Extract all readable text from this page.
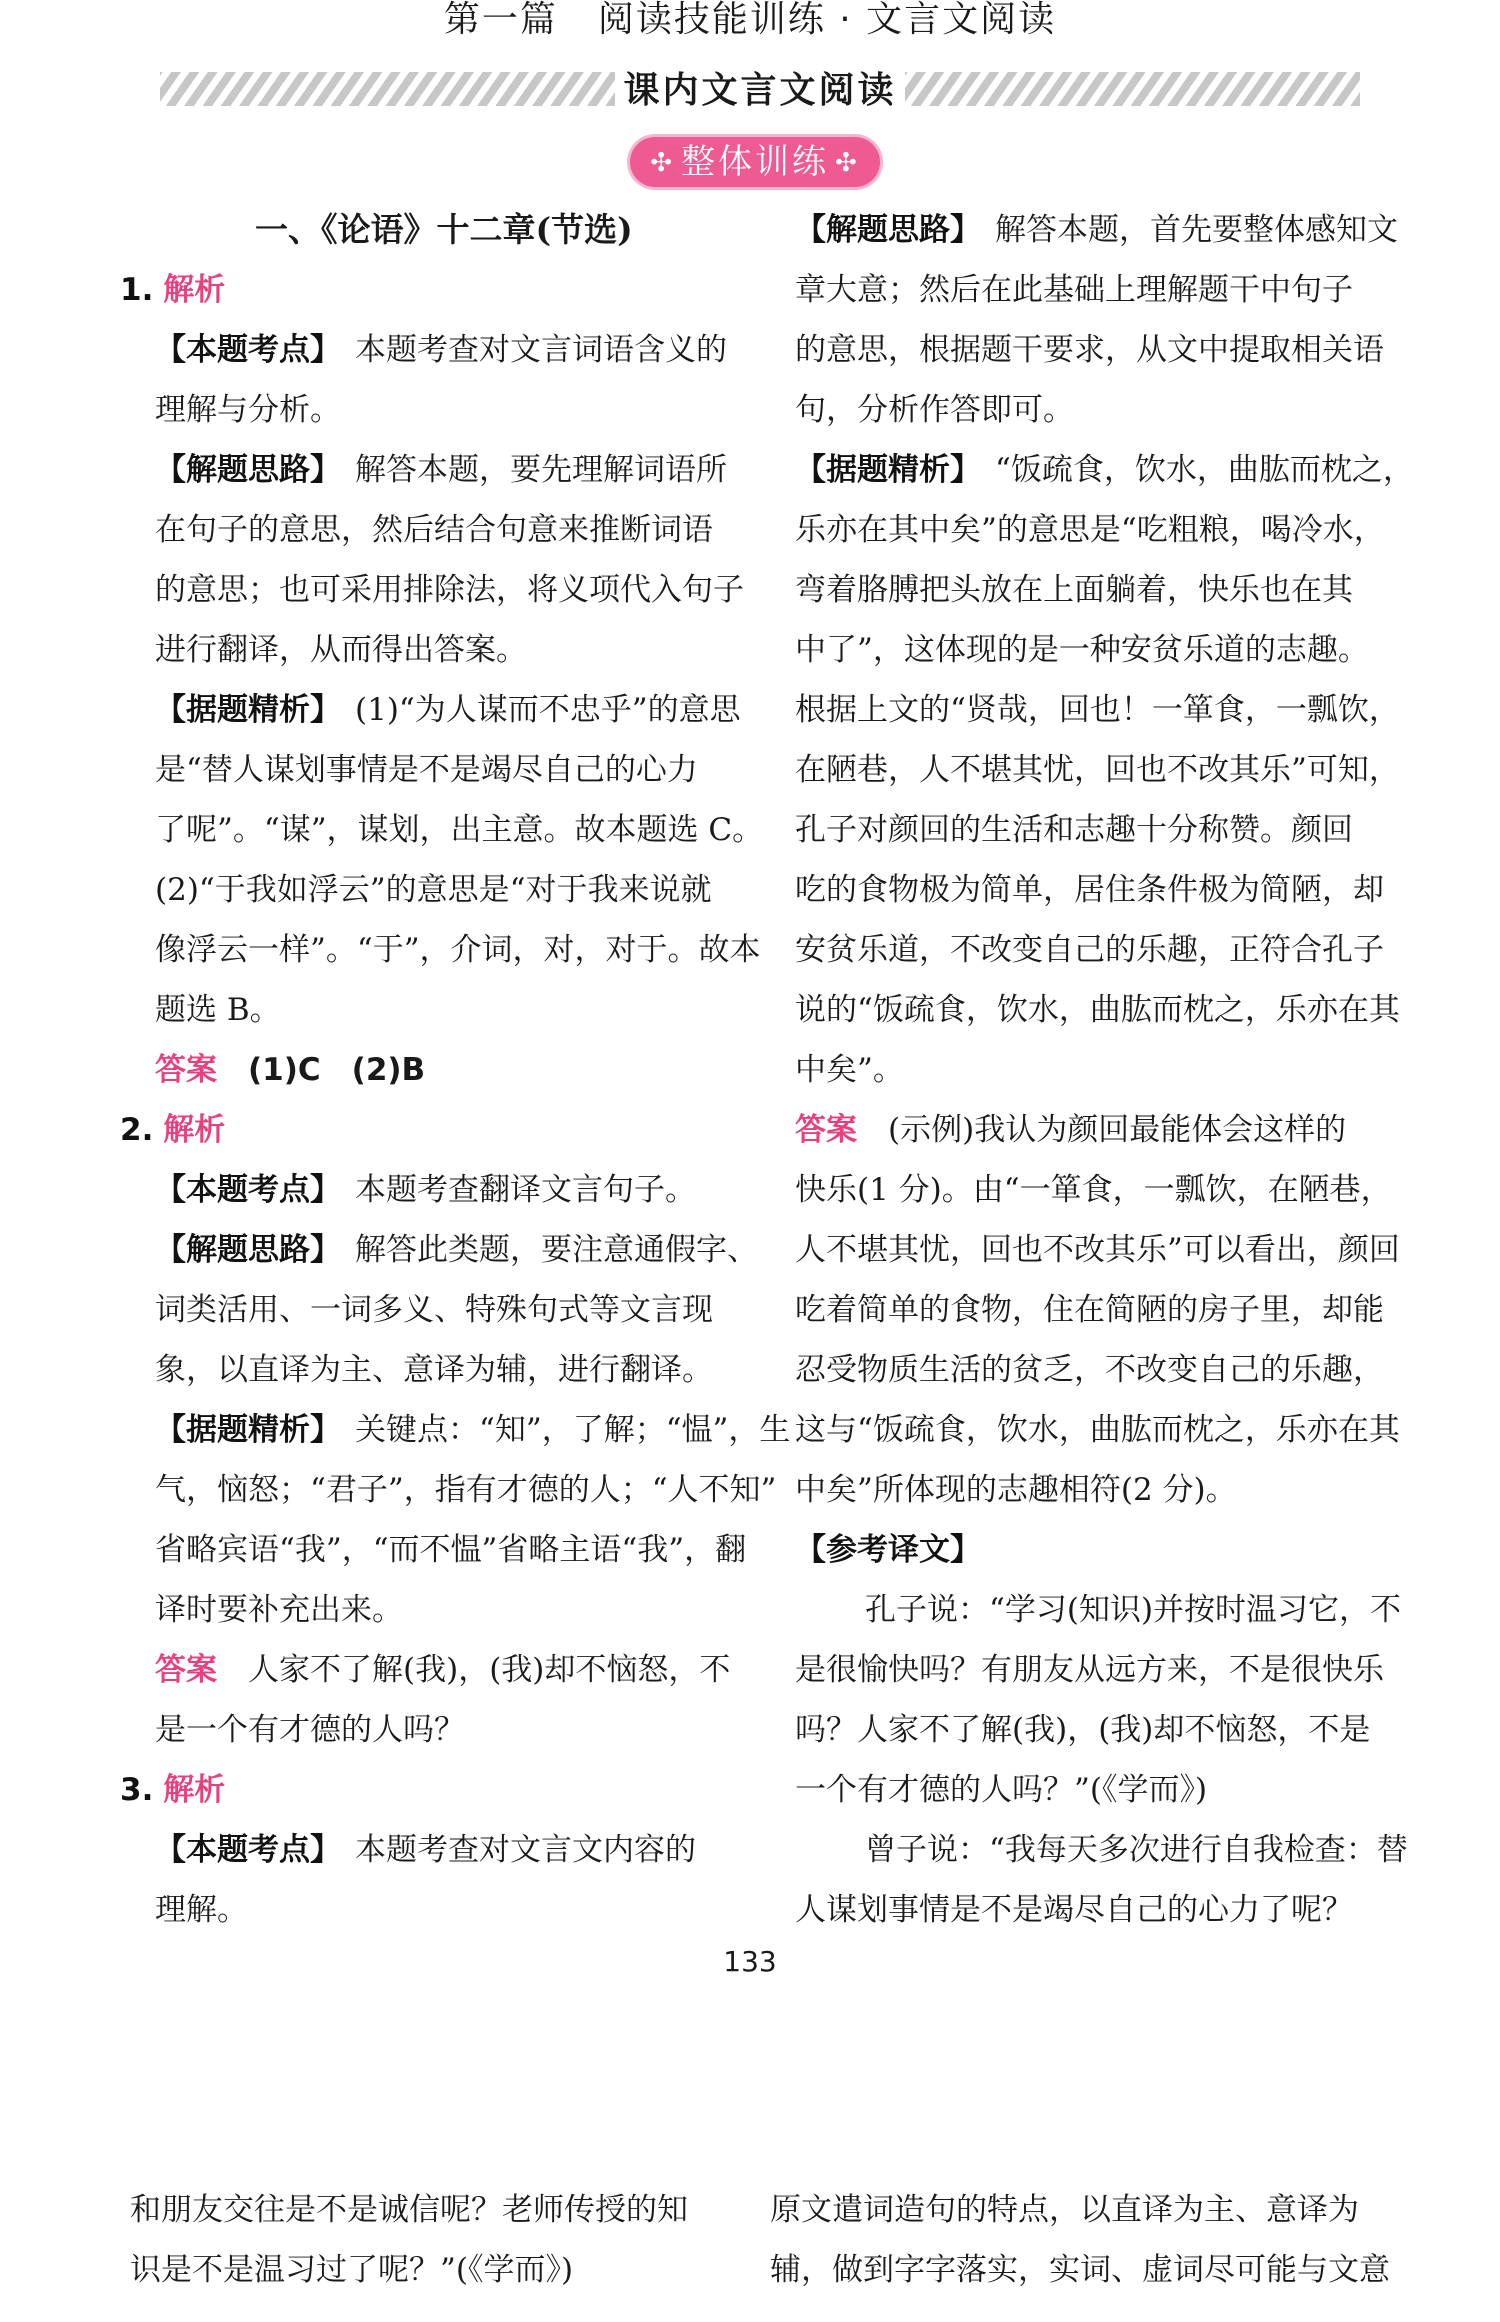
第一篇 阅读技能训练 · 文言文阅读
课内文言文阅读
✣ 整体训练 ✣
一、《论语》十二章(节选)
1. 解析
【本题考点】 本题考查对文言词语含义的
理解与分析。
【解题思路】 解答本题，要先理解词语所
在句子的意思，然后结合句意来推断词语
的意思；也可采用排除法，将义项代入句子
进行翻译，从而得出答案。
【据题精析】 (1)“为人谋而不忠乎”的意思
是“替人谋划事情是不是竭尽自己的心力
了呢”。“谋”，谋划，出主意。故本题选 C。
(2)“于我如浮云”的意思是“对于我来说就
像浮云一样”。“于”，介词，对，对于。故本
题选 B。
答案　 (1)C　(2)B
2. 解析
【本题考点】 本题考查翻译文言句子。
【解题思路】 解答此类题，要注意通假字、
词类活用、一词多义、特殊句式等文言现
象，以直译为主、意译为辅，进行翻译。
【据题精析】 关键点：“知”，了解；“愠”，生
气，恼怒；“君子”，指有才德的人；“人不知”
省略宾语“我”，“而不愠”省略主语“我”，翻
译时要补充出来。
答案　 人家不了解(我)，(我)却不恼怒，不
是一个有才德的人吗？
3. 解析
【本题考点】 本题考查对文言文内容的
理解。
【解题思路】 解答本题，首先要整体感知文
章大意；然后在此基础上理解题干中句子
的意思，根据题干要求，从文中提取相关语
句，分析作答即可。
【据题精析】 “饭疏食，饮水，曲肱而枕之，
乐亦在其中矣”的意思是“吃粗粮，喝冷水，
弯着胳膊把头放在上面躺着，快乐也在其
中了”，这体现的是一种安贫乐道的志趣。
根据上文的“贤哉，回也！一箪食，一瓢饮，
在陋巷，人不堪其忧，回也不改其乐”可知，
孔子对颜回的生活和志趣十分称赞。颜回
吃的食物极为简单，居住条件极为简陋，却
安贫乐道，不改变自己的乐趣，正符合孔子
说的“饭疏食，饮水，曲肱而枕之，乐亦在其
中矣”。
答案　 (示例)我认为颜回最能体会这样的
快乐(1 分)。由“一箪食，一瓢饮，在陋巷，
人不堪其忧，回也不改其乐”可以看出，颜回
吃着简单的食物，住在简陋的房子里，却能
忍受物质生活的贫乏，不改变自己的乐趣，
这与“饭疏食，饮水，曲肱而枕之，乐亦在其
中矣”所体现的志趣相符(2 分)。
【参考译文】
孔子说：“学习(知识)并按时温习它，不
是很愉快吗？有朋友从远方来，不是很快乐
吗？人家不了解(我)，(我)却不恼怒，不是
一个有才德的人吗？”(《学而》)
曾子说：“我每天多次进行自我检查：替
人谋划事情是不是竭尽自己的心力了呢？
133
和朋友交往是不是诚信呢？老师传授的知
识是不是温习过了呢？”(《学而》)
原文遣词造句的特点，以直译为主、意译为
辅，做到字字落实，实词、虚词尽可能与文意
